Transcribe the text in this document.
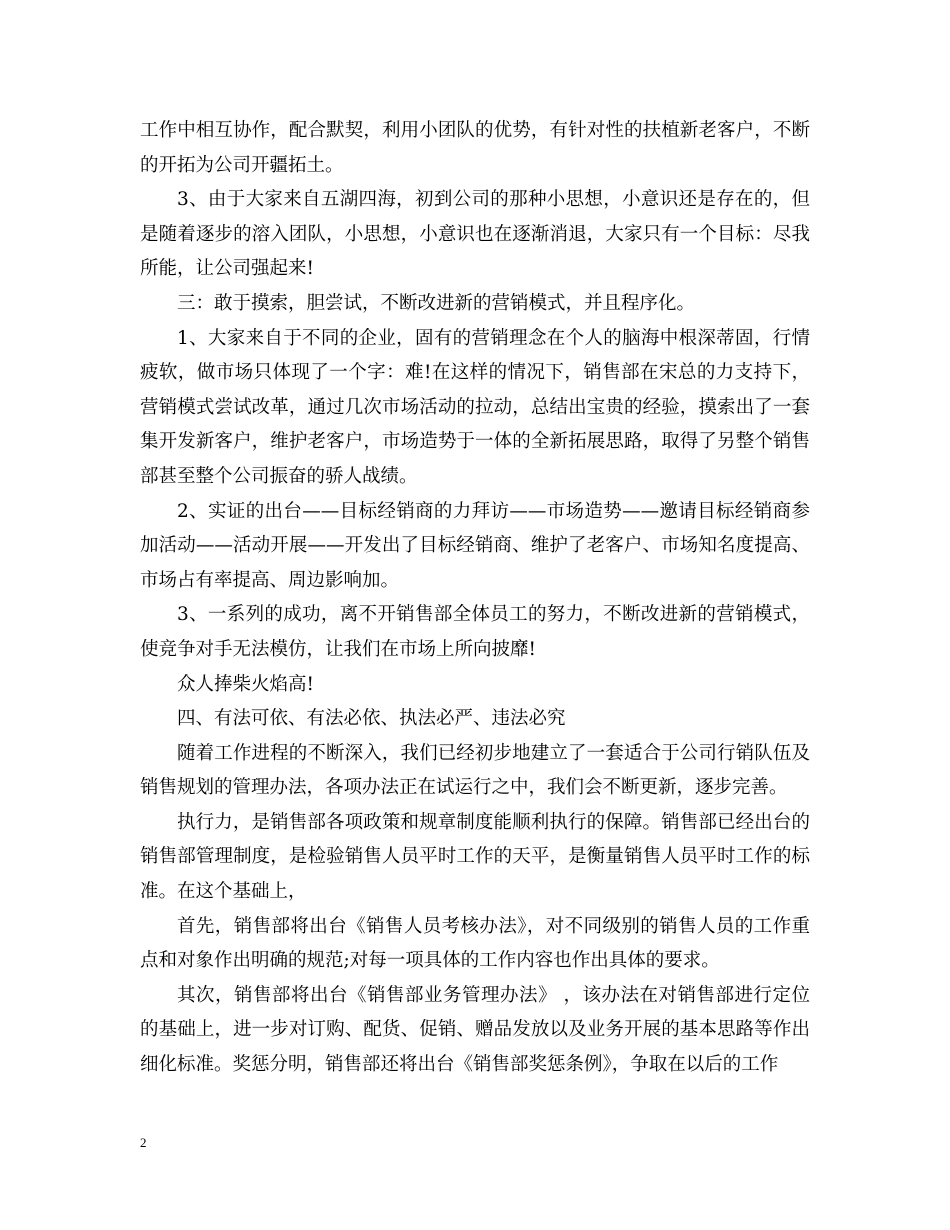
工作中相互协作，配合默契，利用小团队的优势，有针对性的扶植新老客户，不断的开拓为公司开疆拓土。

3、由于大家来自五湖四海，初到公司的那种小思想，小意识还是存在的，但是随着逐步的溶入团队，小思想，小意识也在逐渐消退，大家只有一个目标：尽我所能，让公司强起来!

三：敢于摸索，胆尝试，不断改进新的营销模式，并且程序化。

1、大家来自于不同的企业，固有的营销理念在个人的脑海中根深蒂固，行情疲软，做市场只体现了一个字：难!在这样的情况下，销售部在宋总的力支持下，营销模式尝试改革，通过几次市场活动的拉动，总结出宝贵的经验，摸索出了一套集开发新客户，维护老客户，市场造势于一体的全新拓展思路，取得了另整个销售部甚至整个公司振奋的骄人战绩。

2、实证的出台——目标经销商的力拜访——市场造势——邀请目标经销商参加活动——活动开展——开发出了目标经销商、维护了老客户、市场知名度提高、市场占有率提高、周边影响加。

3、一系列的成功，离不开销售部全体员工的努力，不断改进新的营销模式，使竞争对手无法模仿，让我们在市场上所向披靡!

众人捧柴火焰高!

四、有法可依、有法必依、执法必严、违法必究

随着工作进程的不断深入，我们已经初步地建立了一套适合于公司行销队伍及销售规划的管理办法，各项办法正在试运行之中，我们会不断更新，逐步完善。

执行力，是销售部各项政策和规章制度能顺利执行的保障。销售部已经出台的销售部管理制度，是检验销售人员平时工作的天平，是衡量销售人员平时工作的标准。在这个基础上，

首先，销售部将出台《销售人员考核办法》，对不同级别的销售人员的工作重点和对象作出明确的规范;对每一项具体的工作内容也作出具体的要求。

其次，销售部将出台《销售部业务管理办法》 ，该办法在对销售部进行定位的基础上，进一步对订购、配货、促销、赠品发放以及业务开展的基本思路等作出细化标准。奖惩分明，销售部还将出台《销售部奖惩条例》，争取在以后的工作

2
